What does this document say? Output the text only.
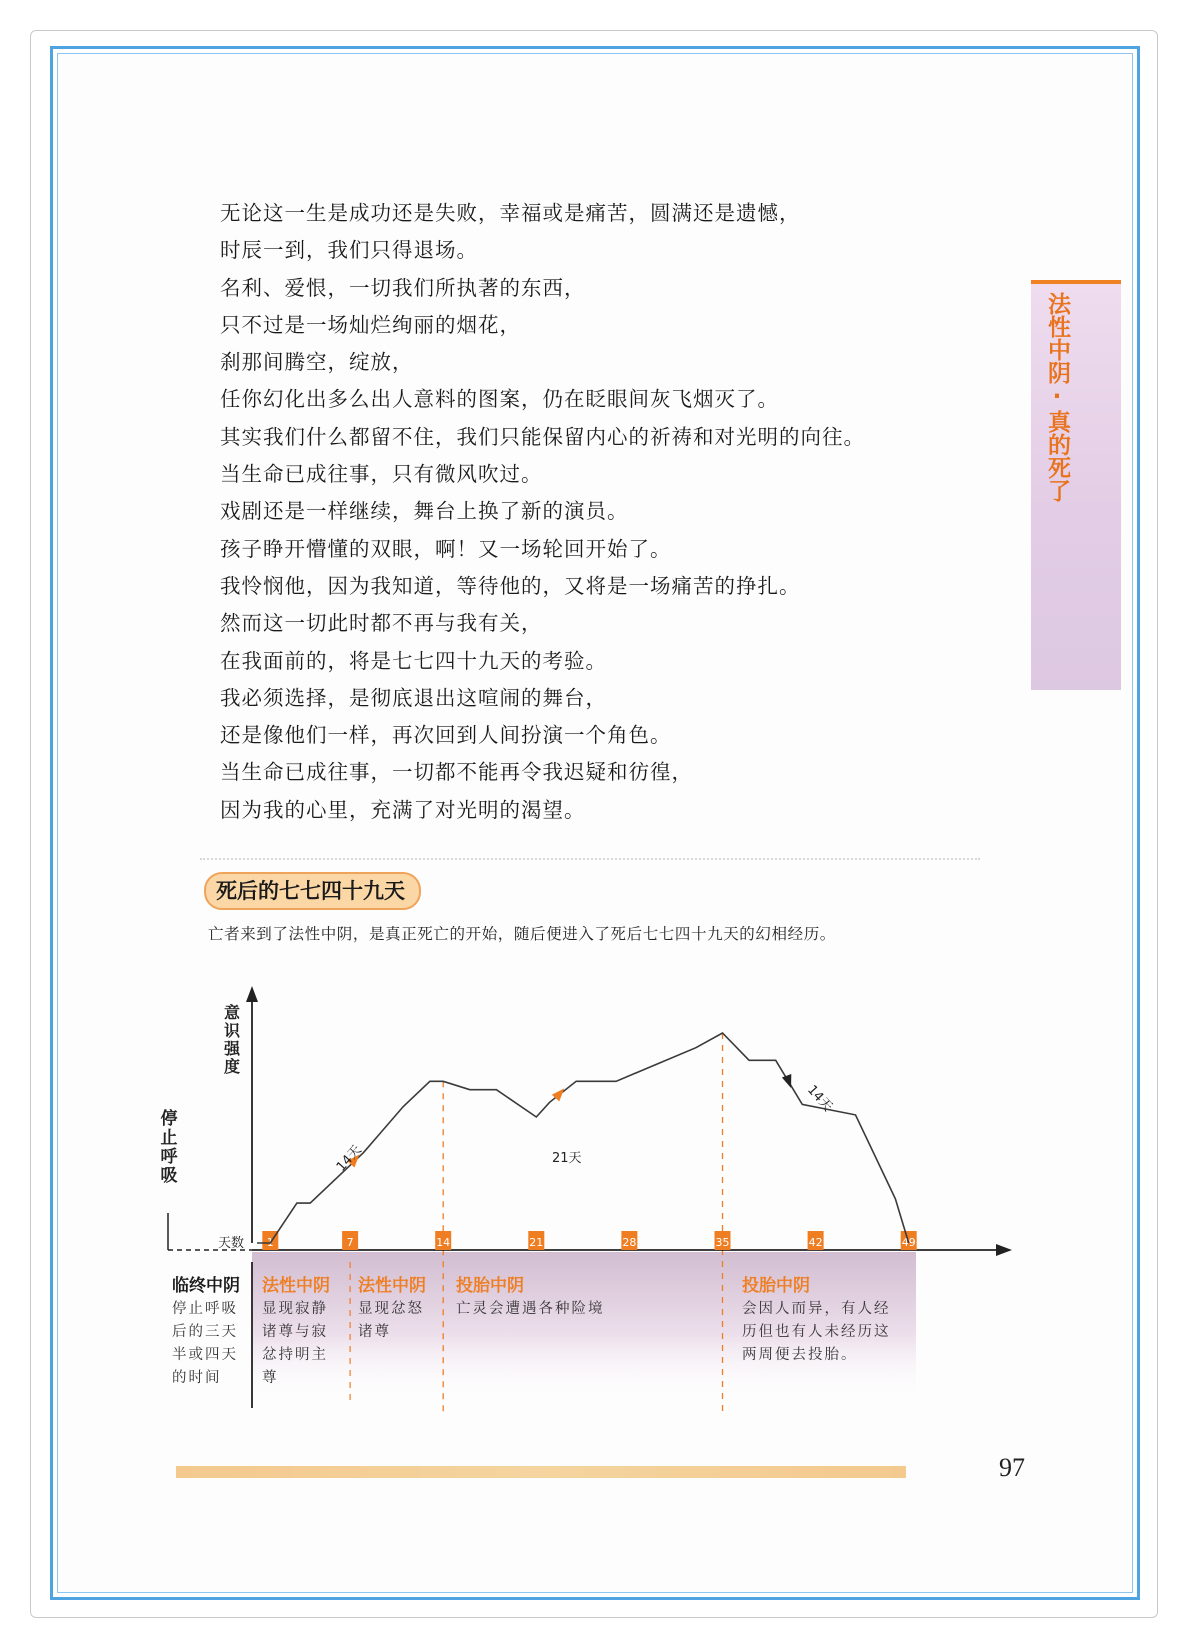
法性中阴·真的死了
无论这一生是成功还是失败，幸福或是痛苦，圆满还是遗憾，
时辰一到，我们只得退场。
名利、爱恨，一切我们所执著的东西，
只不过是一场灿烂绚丽的烟花，
刹那间腾空，绽放，
任你幻化出多么出人意料的图案，仍在眨眼间灰飞烟灭了。
其实我们什么都留不住，我们只能保留内心的祈祷和对光明的向往。
当生命已成往事，只有微风吹过。
戏剧还是一样继续，舞台上换了新的演员。
孩子睁开懵懂的双眼，啊！又一场轮回开始了。
我怜悯他，因为我知道，等待他的，又将是一场痛苦的挣扎。
然而这一切此时都不再与我有关，
在我面前的，将是七七四十九天的考验。
我必须选择，是彻底退出这喧闹的舞台，
还是像他们一样，再次回到人间扮演一个角色。
当生命已成往事，一切都不能再令我迟疑和彷徨，
因为我的心里，充满了对光明的渴望。
死后的七七四十九天
亡者来到了法性中阴，是真正死亡的开始，随后便进入了死后七七四十九天的幻相经历。
意
识
强
度
停
止
呼
吸
天数 1	7	14	21	28	35	42	49
14天	21天
14天
临终中阴
停止呼吸后的三天半或四天的时间
法性中阴
显现寂静诸尊与寂忿持明主尊
法性中阴
显现忿怒诸尊
投胎中阴
亡灵会遭遇各种险境
投胎中阴
会因人而异，有人经历但也有人未经历这两周便去投胎。
97
